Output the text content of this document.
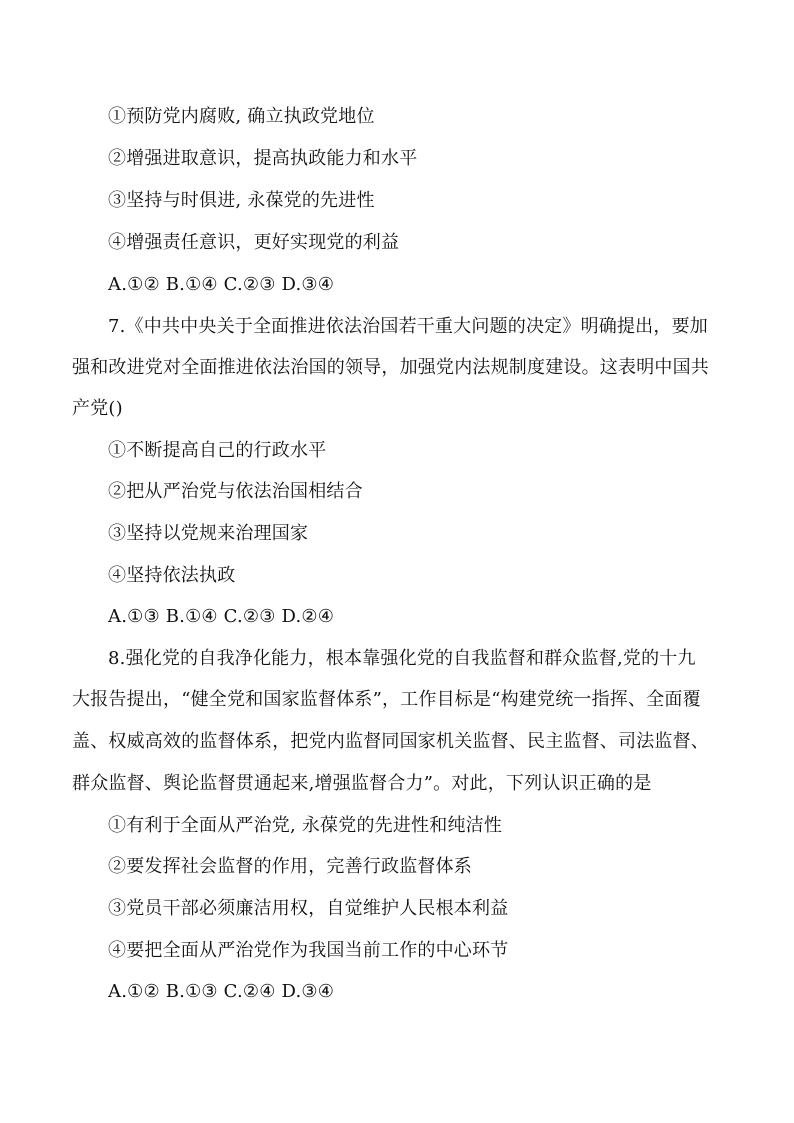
①预防党内腐败, 确立执政党地位
②增强进取意识，提高执政能力和水平
③坚持与时俱进, 永葆党的先进性
④增强责任意识，更好实现党的利益
A.①② B.①④ C.②③ D.③④
7.《中共中央关于全面推进依法治国若干重大问题的决定》明确提出，要加
强和改进党对全面推进依法治国的领导，加强党内法规制度建设。这表明中国共
产党()
①不断提高自己的行政水平
②把从严治党与依法治国相结合
③坚持以党规来治理国家
④坚持依法执政
A.①③ B.①④ C.②③ D.②④
8.强化党的自我净化能力，根本靠强化党的自我监督和群众监督,党的十九
大报告提出，“健全党和国家监督体系”，工作目标是“构建党统一指挥、全面覆
盖、权威高效的监督体系，把党内监督同国家机关监督、民主监督、司法监督、
群众监督、舆论监督贯通起来,增强监督合力”。对此，下列认识正确的是
①有利于全面从严治党, 永葆党的先进性和纯洁性
②要发挥社会监督的作用，完善行政监督体系
③党员干部必须廉洁用权，自觉维护人民根本利益
④要把全面从严治党作为我国当前工作的中心环节
A.①② B.①③ C.②④ D.③④
